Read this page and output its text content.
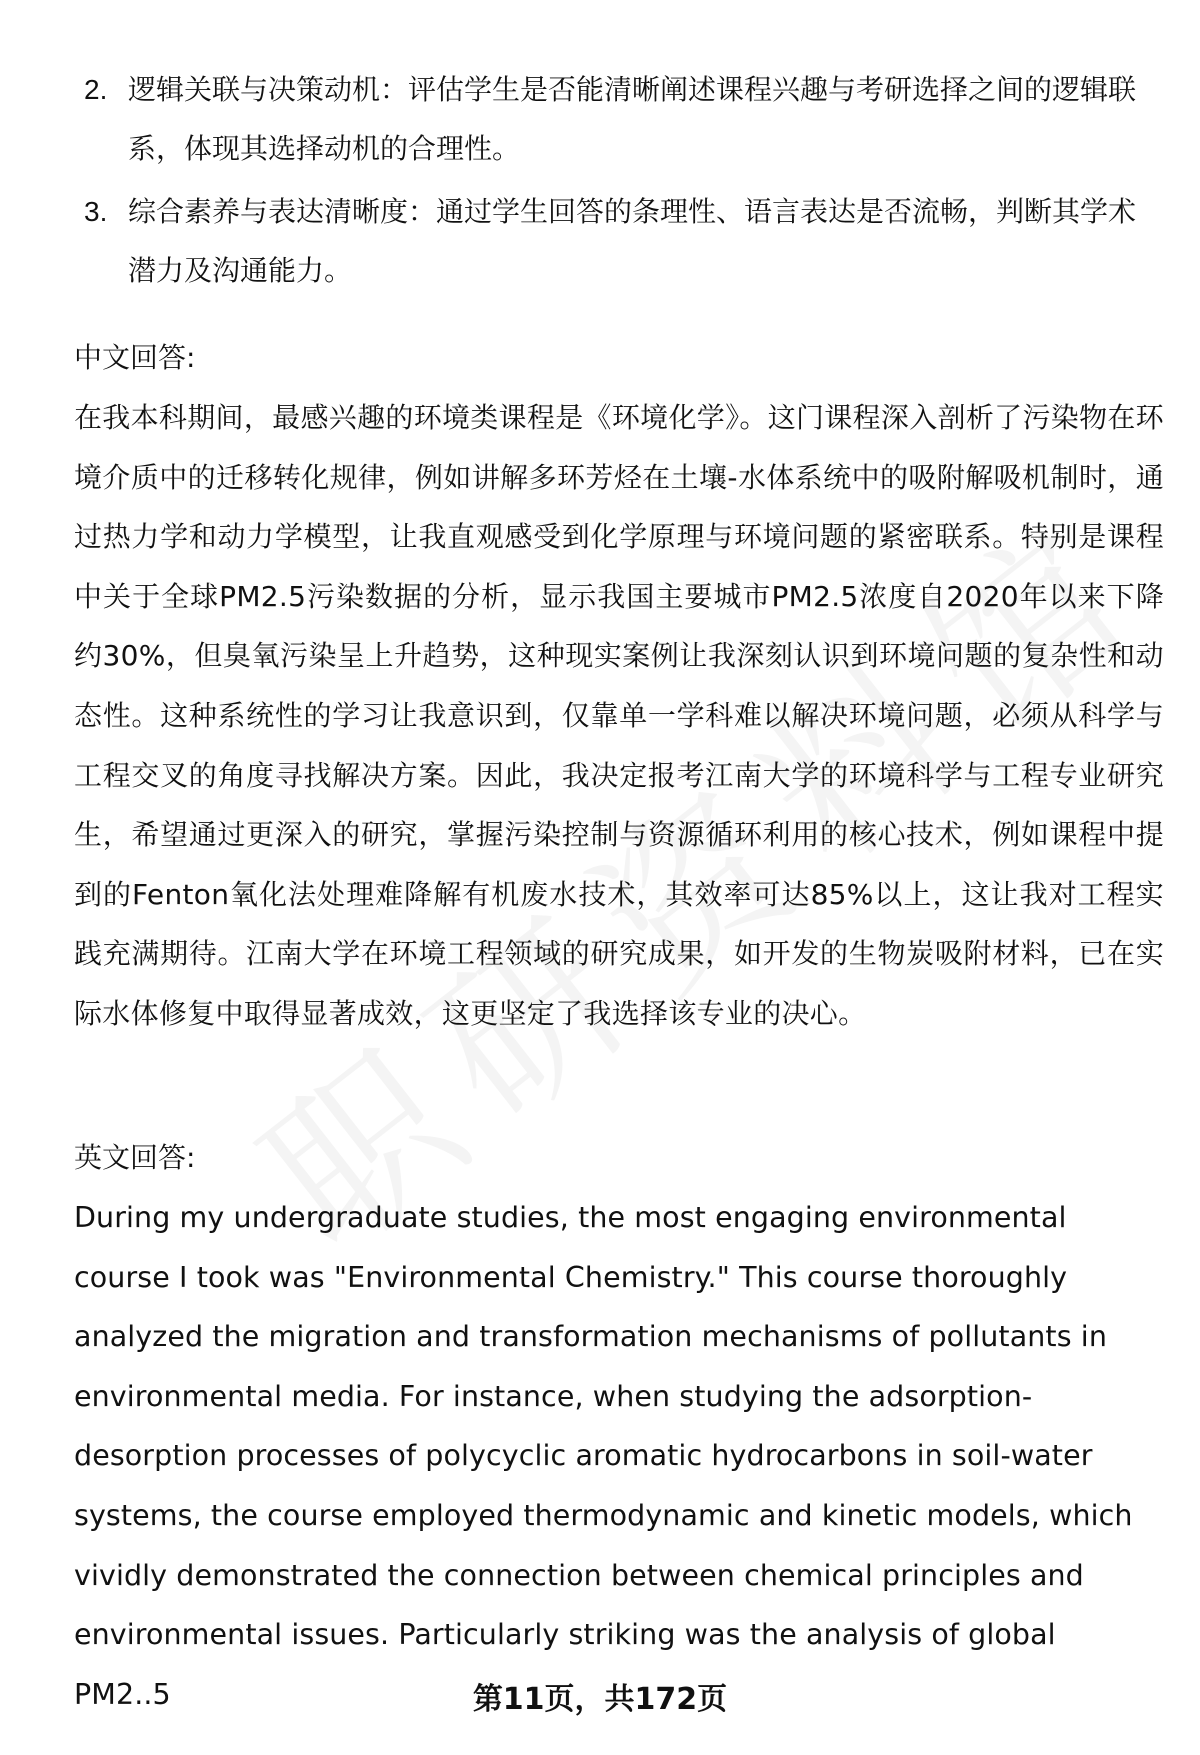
2. 逻辑关联与决策动机：评估学生是否能清晰阐述课程兴趣与考研选择之间的逻辑联系，体现其选择动机的合理性。
3. 综合素养与表达清晰度：通过学生回答的条理性、语言表达是否流畅，判断其学术潜力及沟通能力。
中文回答:

在我本科期间，最感兴趣的环境类课程是《环境化学》。这门课程深入剖析了污染物在环境介质中的迁移转化规律，例如讲解多环芳烃在土壤-水体系统中的吸附解吸机制时，通过热力学和动力学模型，让我直观感受到化学原理与环境问题的紧密联系。特别是课程中关于全球PM2.5污染数据的分析，显示我国主要城市PM2.5浓度自2020年以来下降约30%，但臭氧污染呈上升趋势，这种现实案例让我深刻认识到环境问题的复杂性和动态性。这种系统性的学习让我意识到，仅靠单一学科难以解决环境问题，必须从科学与工程交叉的角度寻找解决方案。因此，我决定报考江南大学的环境科学与工程专业研究生，希望通过更深入的研究，掌握污染控制与资源循环利用的核心技术，例如课程中提到的Fenton氧化法处理难降解有机废水技术，其效率可达85%以上，这让我对工程实践充满期待。江南大学在环境工程领域的研究成果，如开发的生物炭吸附材料，已在实际水体修复中取得显著成效，这更坚定了我选择该专业的决心。

英文回答:

During my undergraduate studies, the most engaging environmental course I took was "Environmental Chemistry." This course thoroughly analyzed the migration and transformation mechanisms of pollutants in environmental media. For instance, when studying the adsorption-desorption processes of polycyclic aromatic hydrocarbons in soil-water systems, the course employed thermodynamic and kinetic models, which vividly demonstrated the connection between chemical principles and environmental issues. Particularly striking was the analysis of global PM2..5	第11页，共172页
